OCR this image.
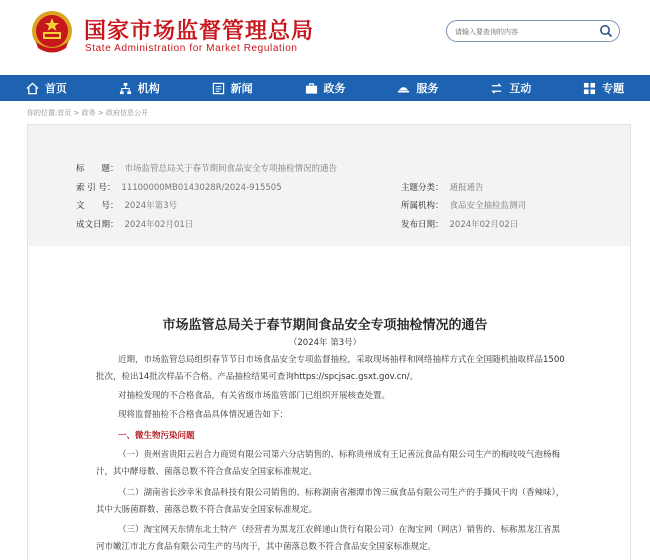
国家市场监督管理总局
State Administration for Market Regulation
请输入要查询的内容
首页	机构	新闻	政务	服务	互动	专题
你的位置:首页 > 政务 > 政府信息公开
标　　题： 市场监管总局关于春节期间食品安全专项抽检情况的通告
索 引 号： 11100000MB0143028R/2024-915505	主题分类： 通报通告
文　　号： 2024年第3号	所属机构： 食品安全抽检监测司
成文日期： 2024年02月01日	发布日期： 2024年02月02日
市场监管总局关于春节期间食品安全专项抽检情况的通告
（2024年 第3号）
近期，市场监管总局组织春节节日市场食品安全专项监督抽检，采取现场抽样和网络抽样方式在全国随机抽取样品1500批次，检出14批次样品不合格。产品抽检结果可查询https://spcjsac.gsxt.gov.cn/。
对抽检发现的不合格食品，有关省级市场监管部门已组织开展核查处置。
现将监督抽检不合格食品具体情况通告如下：
一、微生物污染问题
（一）贵州省贵阳云岩合力商贸有限公司第六分店销售的、标称贵州成有王记善沅食品有限公司生产的梅吱吱气泡杨梅汁，其中酵母数、菌落总数不符合食品安全国家标准规定。
（二）湖南省长沙幸米食品科技有限公司销售的、标称湖南省湘潭市馋三疯食品有限公司生产的手撕风干肉（香辣味），其中大肠菌群数、菌落总数不符合食品安全国家标准规定。
（三）淘宝网天东情东北土特产（经营者为黑龙江农鲜递山货行有限公司）在淘宝网（网店）销售的、标称黑龙江省黑河市嫩江市北方食品有限公司生产的马肉干，其中菌落总数不符合食品安全国家标准规定。
